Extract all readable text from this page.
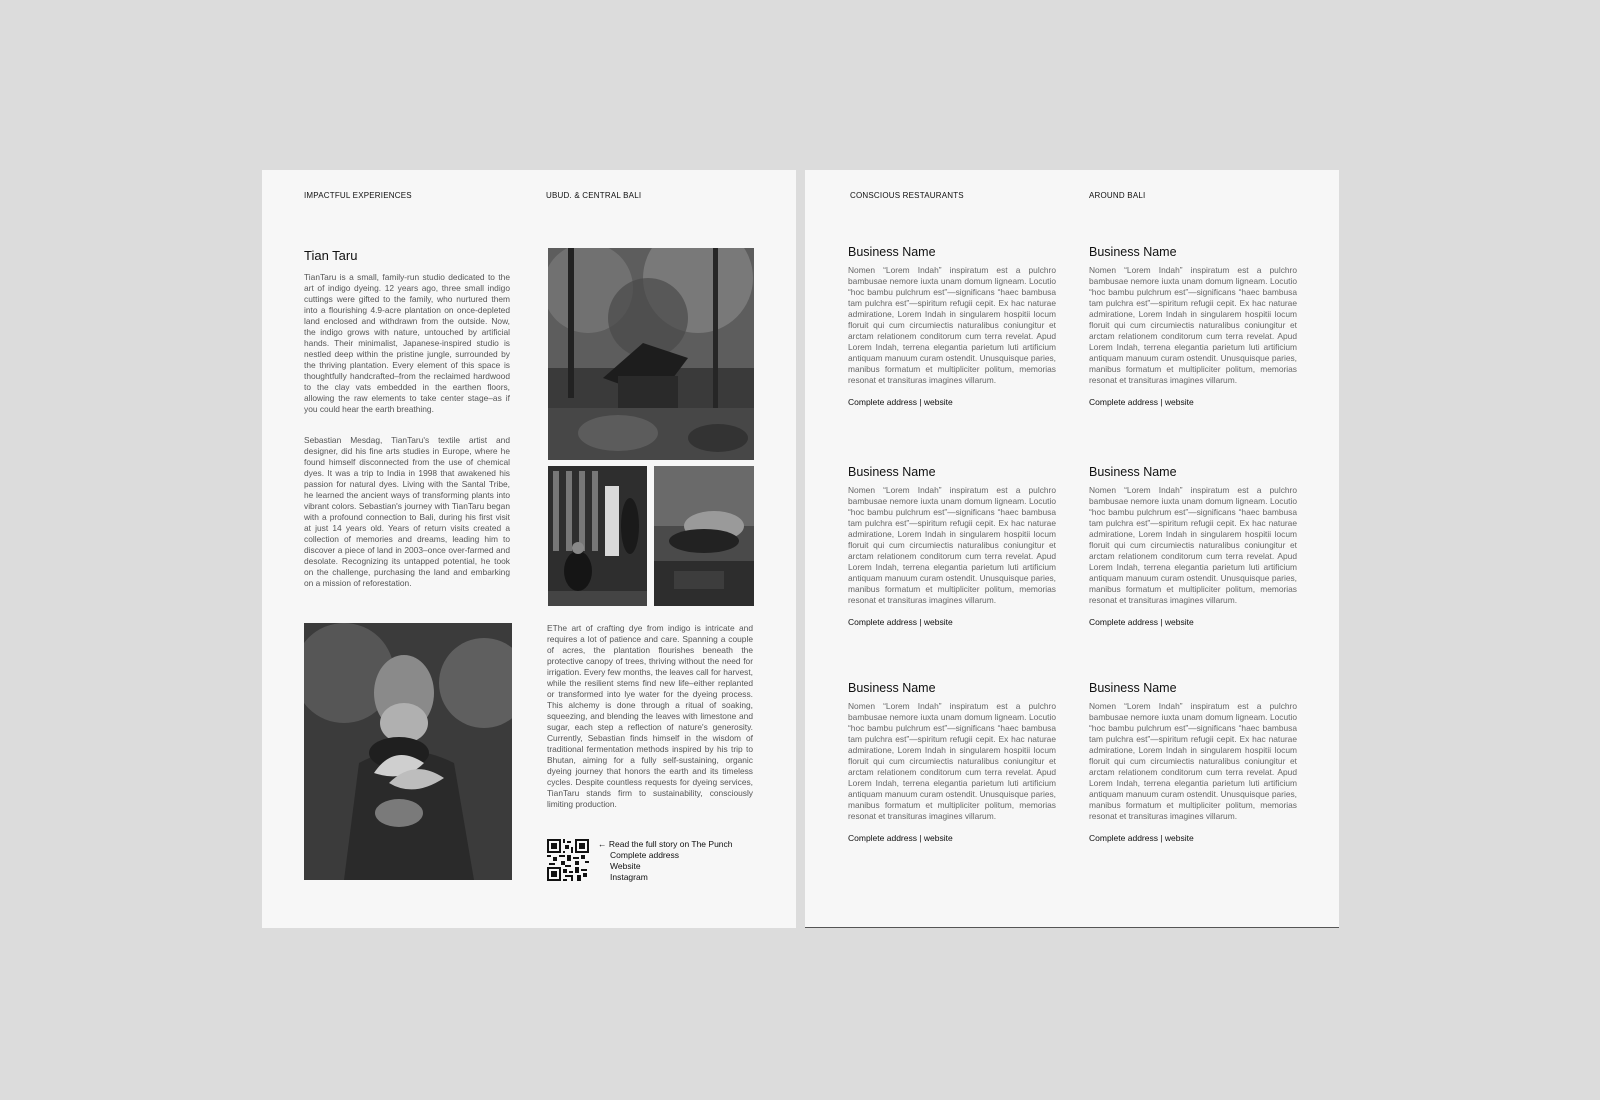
IMPACTFUL EXPERIENCES	UBUD. & CENTRAL BALI
Tian Taru

TianTaru is a small, family-run studio dedicated to the art of indigo dyeing. 12 years ago, three small indigo cuttings were gifted to the family, who nurtured them into a flourishing 4.9-acre plantation on once-depleted land enclosed and withdrawn from the outside. Now, the indigo grows with nature, untouched by artificial hands. Their minimalist, Japanese-inspired studio is nestled deep within the pristine jungle, surrounded by the thriving plantation. Every element of this space is thoughtfully handcrafted–from the reclaimed hardwood to the clay vats embedded in the earthen floors, allowing the raw elements to take center stage–as if you could hear the earth breathing.

Sebastian Mesdag, TianTaru's textile artist and designer, did his fine arts studies in Europe, where he found himself disconnected from the use of chemical dyes. It was a trip to India in 1998 that awakened his passion for natural dyes. Living with the Santal Tribe, he learned the ancient ways of transforming plants into vibrant colors. Sebastian's journey with TianTaru began with a profound connection to Bali, during his first visit at just 14 years old. Years of return visits created a collection of memories and dreams, leading him to discover a piece of land in 2003–once over-farmed and desolate. Recognizing its untapped potential, he took on the challenge, purchasing the land and embarking on a mission of reforestation.

EThe art of crafting dye from indigo is intricate and requires a lot of patience and care. Spanning a couple of acres, the plantation flourishes beneath the protective canopy of trees, thriving without the need for irrigation. Every few months, the leaves call for harvest, while the resilient stems find new life–either replanted or transformed into lye water for the dyeing process. This alchemy is done through a ritual of soaking, squeezing, and blending the leaves with limestone and sugar, each step a reflection of nature's generosity. Currently, Sebastian finds himself in the wisdom of traditional fermentation methods inspired by his trip to Bhutan, aiming for a fully self-sustaining, organic dyeing journey that honors the earth and its timeless cycles. Despite countless requests for dyeing services, TianTaru stands firm to sustainability, consciously limiting production.

← Read the full story on The Punch
Complete address
Website
Instagram
CONSCIOUS RESTAURANTS	AROUND BALI
Business Name

Nomen “Lorem Indah” inspiratum est a pulchro bambusae nemore iuxta unam domum ligneam. Locutio “hoc bambu pulchrum est”—significans “haec bambusa tam pulchra est”—spiritum refugii cepit. Ex hac naturae admiratione, Lorem Indah in singularem hospitii locum floruit qui cum circumiectis naturalibus coniungitur et arctam relationem conditorum cum terra revelat. Apud Lorem Indah, terrena elegantia parietum luti artificium antiquam manuum curam ostendit. Unusquisque paries, manibus formatum et multipliciter politum, memorias resonat et transituras imagines villarum.

Complete address | website
Business Name

Nomen “Lorem Indah” inspiratum est a pulchro bambusae nemore iuxta unam domum ligneam. Locutio “hoc bambu pulchrum est”—significans “haec bambusa tam pulchra est”—spiritum refugii cepit. Ex hac naturae admiratione, Lorem Indah in singularem hospitii locum floruit qui cum circumiectis naturalibus coniungitur et arctam relationem conditorum cum terra revelat. Apud Lorem Indah, terrena elegantia parietum luti artificium antiquam manuum curam ostendit. Unusquisque paries, manibus formatum et multipliciter politum, memorias resonat et transituras imagines villarum.

Complete address | website
Business Name

Nomen “Lorem Indah” inspiratum est a pulchro bambusae nemore iuxta unam domum ligneam. Locutio “hoc bambu pulchrum est”—significans “haec bambusa tam pulchra est”—spiritum refugii cepit. Ex hac naturae admiratione, Lorem Indah in singularem hospitii locum floruit qui cum circumiectis naturalibus coniungitur et arctam relationem conditorum cum terra revelat. Apud Lorem Indah, terrena elegantia parietum luti artificium antiquam manuum curam ostendit. Unusquisque paries, manibus formatum et multipliciter politum, memorias resonat et transituras imagines villarum.

Complete address | website
Business Name

Nomen “Lorem Indah” inspiratum est a pulchro bambusae nemore iuxta unam domum ligneam. Locutio “hoc bambu pulchrum est”—significans “haec bambusa tam pulchra est”—spiritum refugii cepit. Ex hac naturae admiratione, Lorem Indah in singularem hospitii locum floruit qui cum circumiectis naturalibus coniungitur et arctam relationem conditorum cum terra revelat. Apud Lorem Indah, terrena elegantia parietum luti artificium antiquam manuum curam ostendit. Unusquisque paries, manibus formatum et multipliciter politum, memorias resonat et transituras imagines villarum.

Complete address | website
Business Name

Nomen “Lorem Indah” inspiratum est a pulchro bambusae nemore iuxta unam domum ligneam. Locutio “hoc bambu pulchrum est”—significans “haec bambusa tam pulchra est”—spiritum refugii cepit. Ex hac naturae admiratione, Lorem Indah in singularem hospitii locum floruit qui cum circumiectis naturalibus coniungitur et arctam relationem conditorum cum terra revelat. Apud Lorem Indah, terrena elegantia parietum luti artificium antiquam manuum curam ostendit. Unusquisque paries, manibus formatum et multipliciter politum, memorias resonat et transituras imagines villarum.

Complete address | website
Business Name

Nomen “Lorem Indah” inspiratum est a pulchro bambusae nemore iuxta unam domum ligneam. Locutio “hoc bambu pulchrum est”—significans “haec bambusa tam pulchra est”—spiritum refugii cepit. Ex hac naturae admiratione, Lorem Indah in singularem hospitii locum floruit qui cum circumiectis naturalibus coniungitur et arctam relationem conditorum cum terra revelat. Apud Lorem Indah, terrena elegantia parietum luti artificium antiquam manuum curam ostendit. Unusquisque paries, manibus formatum et multipliciter politum, memorias resonat et transituras imagines villarum.

Complete address | website
